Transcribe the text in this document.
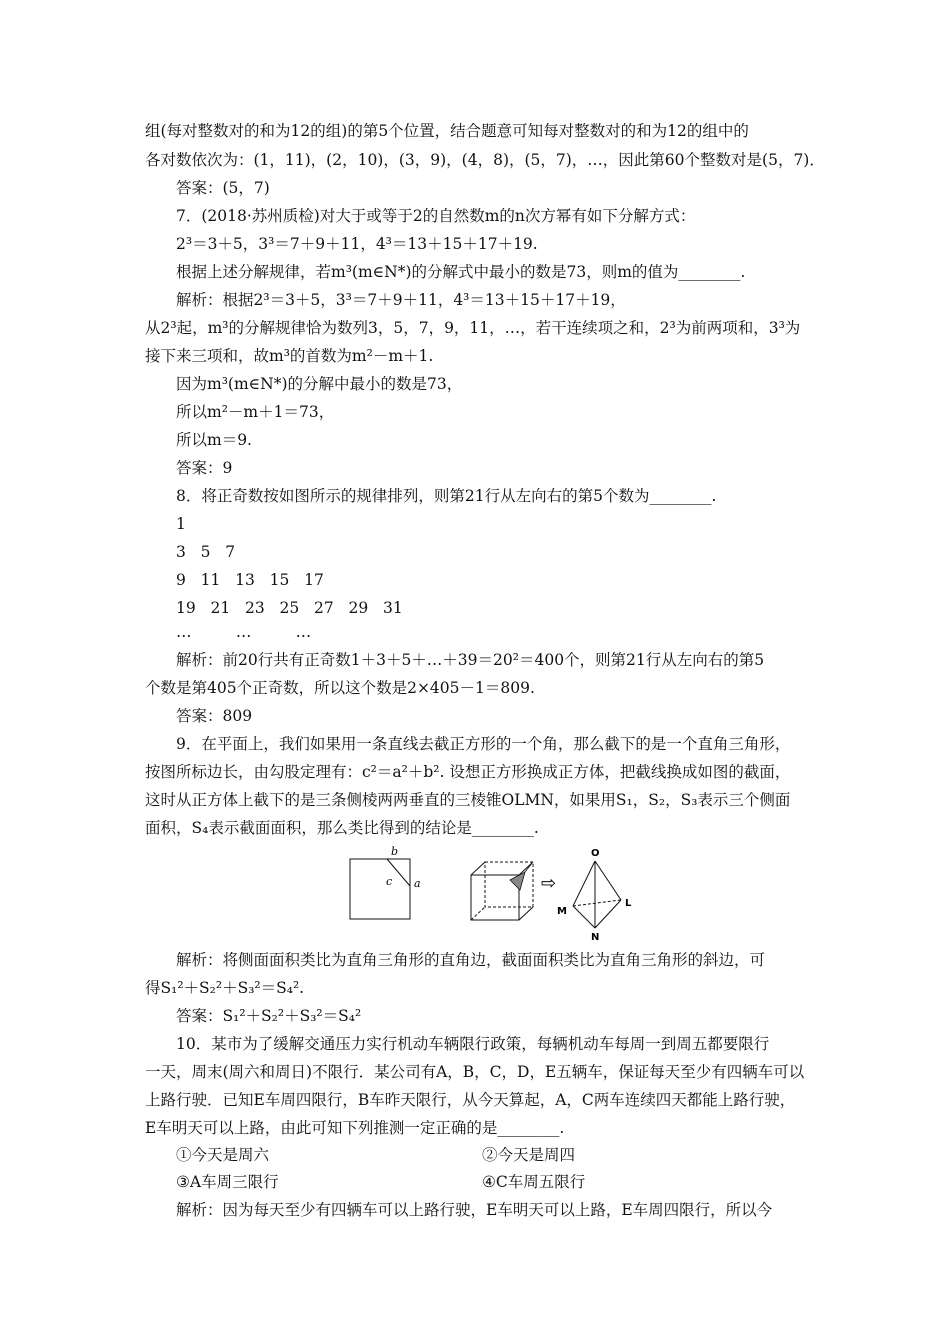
组(每对整数对的和为12的组)的第5个位置，结合题意可知每对整数对的和为12的组中的
各对数依次为：(1，11)，(2，10)，(3，9)，(4，8)，(5，7)，…，因此第60个整数对是(5，7)．
答案：(5，7)
7．(2018·苏州质检)对大于或等于2的自然数m的n次方幂有如下分解方式：
2³＝3＋5，3³＝7＋9＋11，4³＝13＋15＋17＋19.
根据上述分解规律，若m³(m∈N*)的分解式中最小的数是73，则m的值为________.
解析：根据2³＝3＋5，3³＝7＋9＋11，4³＝13＋15＋17＋19，
从2³起，m³的分解规律恰为数列3，5，7，9，11，…，若干连续项之和，2³为前两项和，3³为
接下来三项和，故m³的首数为m²－m＋1.
因为m³(m∈N*)的分解中最小的数是73，
所以m²－m＋1＝73，
所以m＝9.
答案：9
8．将正奇数按如图所示的规律排列，则第21行从左向右的第5个数为________.
1
3   5   7
9   11   13   15   17
19   21   23   25   27   29   31
…         …         …
解析：前20行共有正奇数1＋3＋5＋…＋39＝20²＝400个，则第21行从左向右的第5
个数是第405个正奇数，所以这个数是2×405－1＝809.
答案：809
9．在平面上，我们如果用一条直线去截正方形的一个角，那么截下的是一个直角三角形，
按图所标边长，由勾股定理有：c²＝a²＋b². 设想正方形换成正方体，把截线换成如图的截面，
这时从正方体上截下的是三条侧棱两两垂直的三棱锥OLMN，如果用S₁，S₂，S₃表示三个侧面
面积，S₄表示截面面积，那么类比得到的结论是________.
b
c a	⇨
O
M
L
N
解析：将侧面面积类比为直角三角形的直角边，截面面积类比为直角三角形的斜边，可
得S₁²＋S₂²＋S₃²＝S₄².
答案：S₁²＋S₂²＋S₃²＝S₄²
10．某市为了缓解交通压力实行机动车辆限行政策，每辆机动车每周一到周五都要限行
一天，周末(周六和周日)不限行．某公司有A，B，C，D，E五辆车，保证每天至少有四辆车可以
上路行驶．已知E车周四限行，B车昨天限行，从今天算起，A，C两车连续四天都能上路行驶，
E车明天可以上路，由此可知下列推测一定正确的是________.
①今天是周六	②今天是周四
③A车周三限行	④C车周五限行
解析：因为每天至少有四辆车可以上路行驶，E车明天可以上路，E车周四限行，所以今
